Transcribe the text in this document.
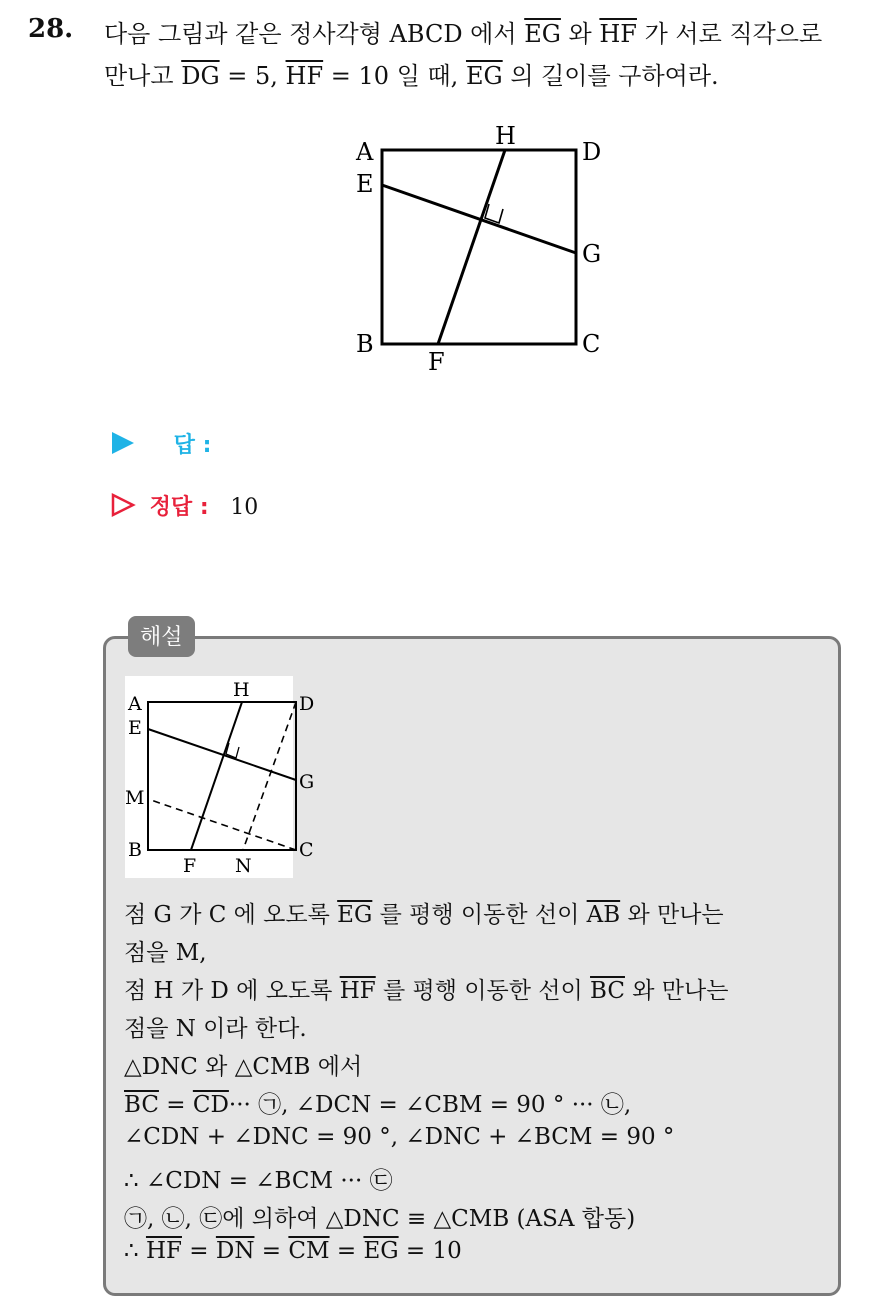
28. 다음 그림과 같은 정사각형 ABCD 에서 $\overline{EG}$ 와 $\overline{HF}$ 가 서로 직각으로
만나고 $\overline{DG} = 5$, $\overline{HF} = 10$ 일 때, $\overline{EG}$ 의 길이를 구하여라.
A
H
D
E
G
B	C
F
답 :
정답 : 10
해설
A
H
D
E
G
M
B	C
F N
점 G 가 C 에 오도록 $\overline{EG}$ 를 평행 이동한 선이 $\overline{AB}$ 와 만나는
점을 M,
점 H 가 D 에 오도록 $\overline{HF}$ 를 평행 이동한 선이 $\overline{BC}$ 와 만나는
점을 N 이라 한다.
△DNC 와 △CMB 에서
$\overline{BC} = \overline{CD}\cdot\cdot\cdot$ ㉠, ∠DCN = ∠CBM = 90 ° ··· ㉡,
∠CDN + ∠DNC = 90 °, ∠DNC + ∠BCM = 90 °
∴ ∠CDN = ∠BCM ··· ㉢
㉠, ㉡, ㉢에 의하여 △DNC ≡ △CMB (ASA 합동)
∴ $\overline{HF} = \overline{DN} = \overline{CM} = \overline{EG} = 10$
